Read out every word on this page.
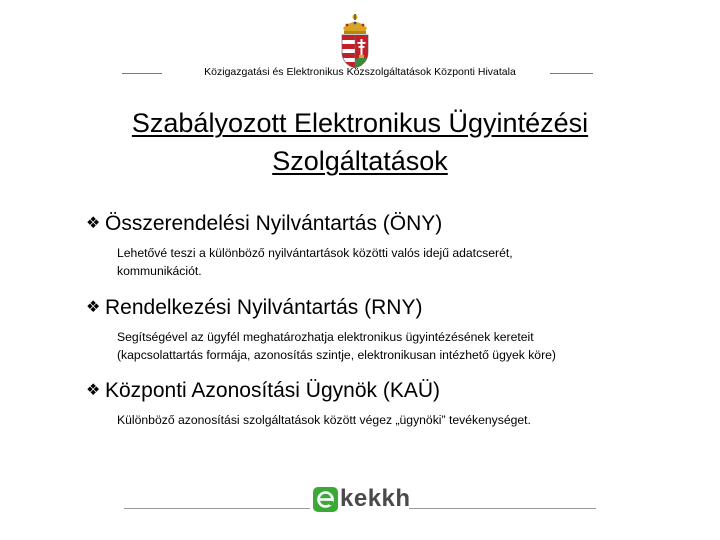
Közigazgatási és Elektronikus Közszolgáltatások Központi Hivatala
Szabályozott Elektronikus Ügyintézési
Szolgáltatások
❖ Összerendelési Nyilvántartás (ÖNY)
Lehetővé teszi a különböző nyilvántartások közötti valós idejű adatcserét,
kommunikációt.
❖ Rendelkezési Nyilvántartás (RNY)
Segítségével az ügyfél meghatározhatja elektronikus ügyintézésének kereteit
(kapcsolattartás formája, azonosítás szintje, elektronikusan intézhető ügyek köre)
❖ Központi Azonosítási Ügynök (KAÜ)
Különböző azonosítási szolgáltatások között végez „ügynöki” tevékenységet.
kekkh
